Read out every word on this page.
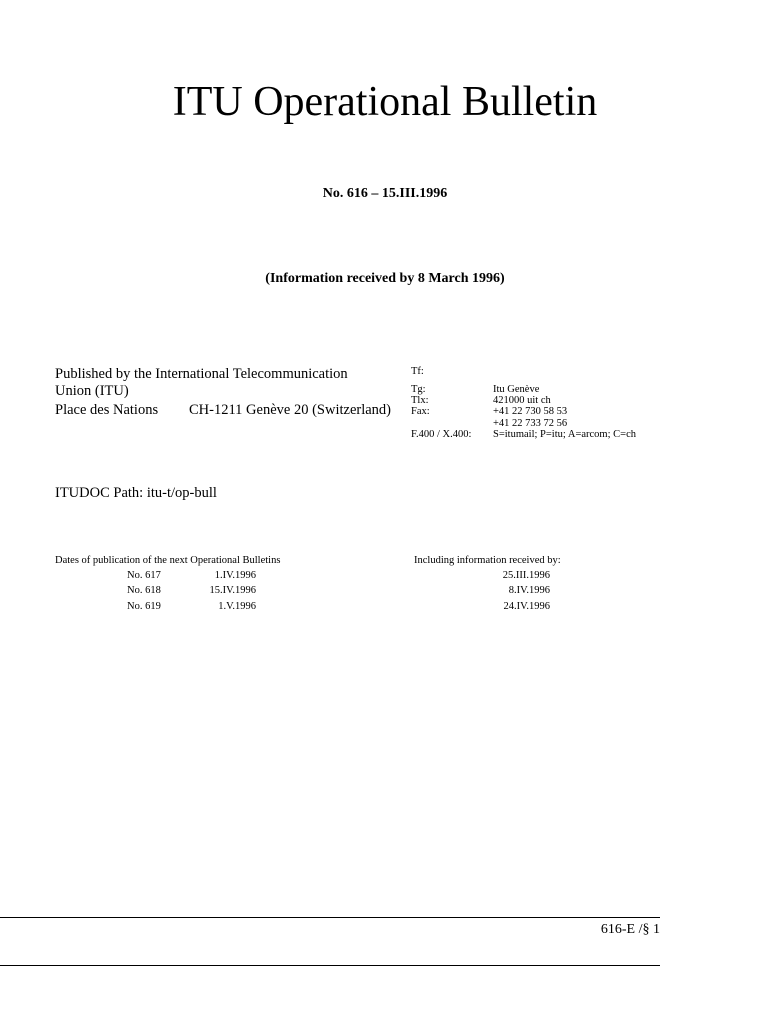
ITU Operational Bulletin
No. 616 – 15.III.1996
(Information received by 8 March 1996)
Published by the International Telecommunication
Union (ITU)
Place des Nations CH-1211 Genève 20 (Switzerland)
Tf:
Tg:	Itu Genève
Tlx:	421000 uit ch
Fax:	+41 22 730 58 53
+41 22 733 72 56
F.400 / X.400: S=itumail; P=itu; A=arcom; C=ch
ITUDOC Path: itu-t/op-bull
Dates of publication of the next Operational Bulletins	Including information received by:
No. 617	1.IV.1996	25.III.1996
No. 618	15.IV.1996	8.IV.1996
No. 619	1.V.1996	24.IV.1996
616-E /§ 1
